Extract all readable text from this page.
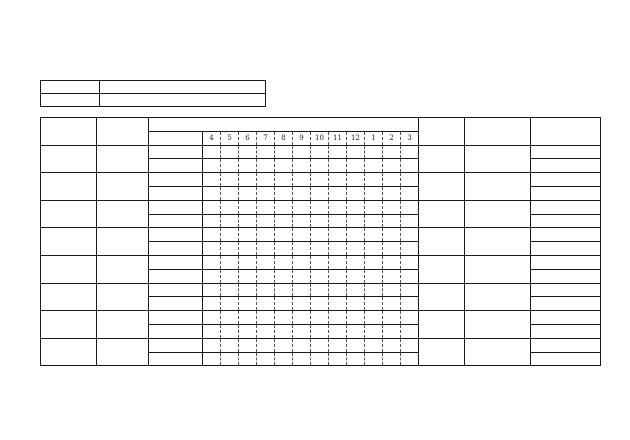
			4	5	6	7	8	9	10	11	12	1	2	3			
